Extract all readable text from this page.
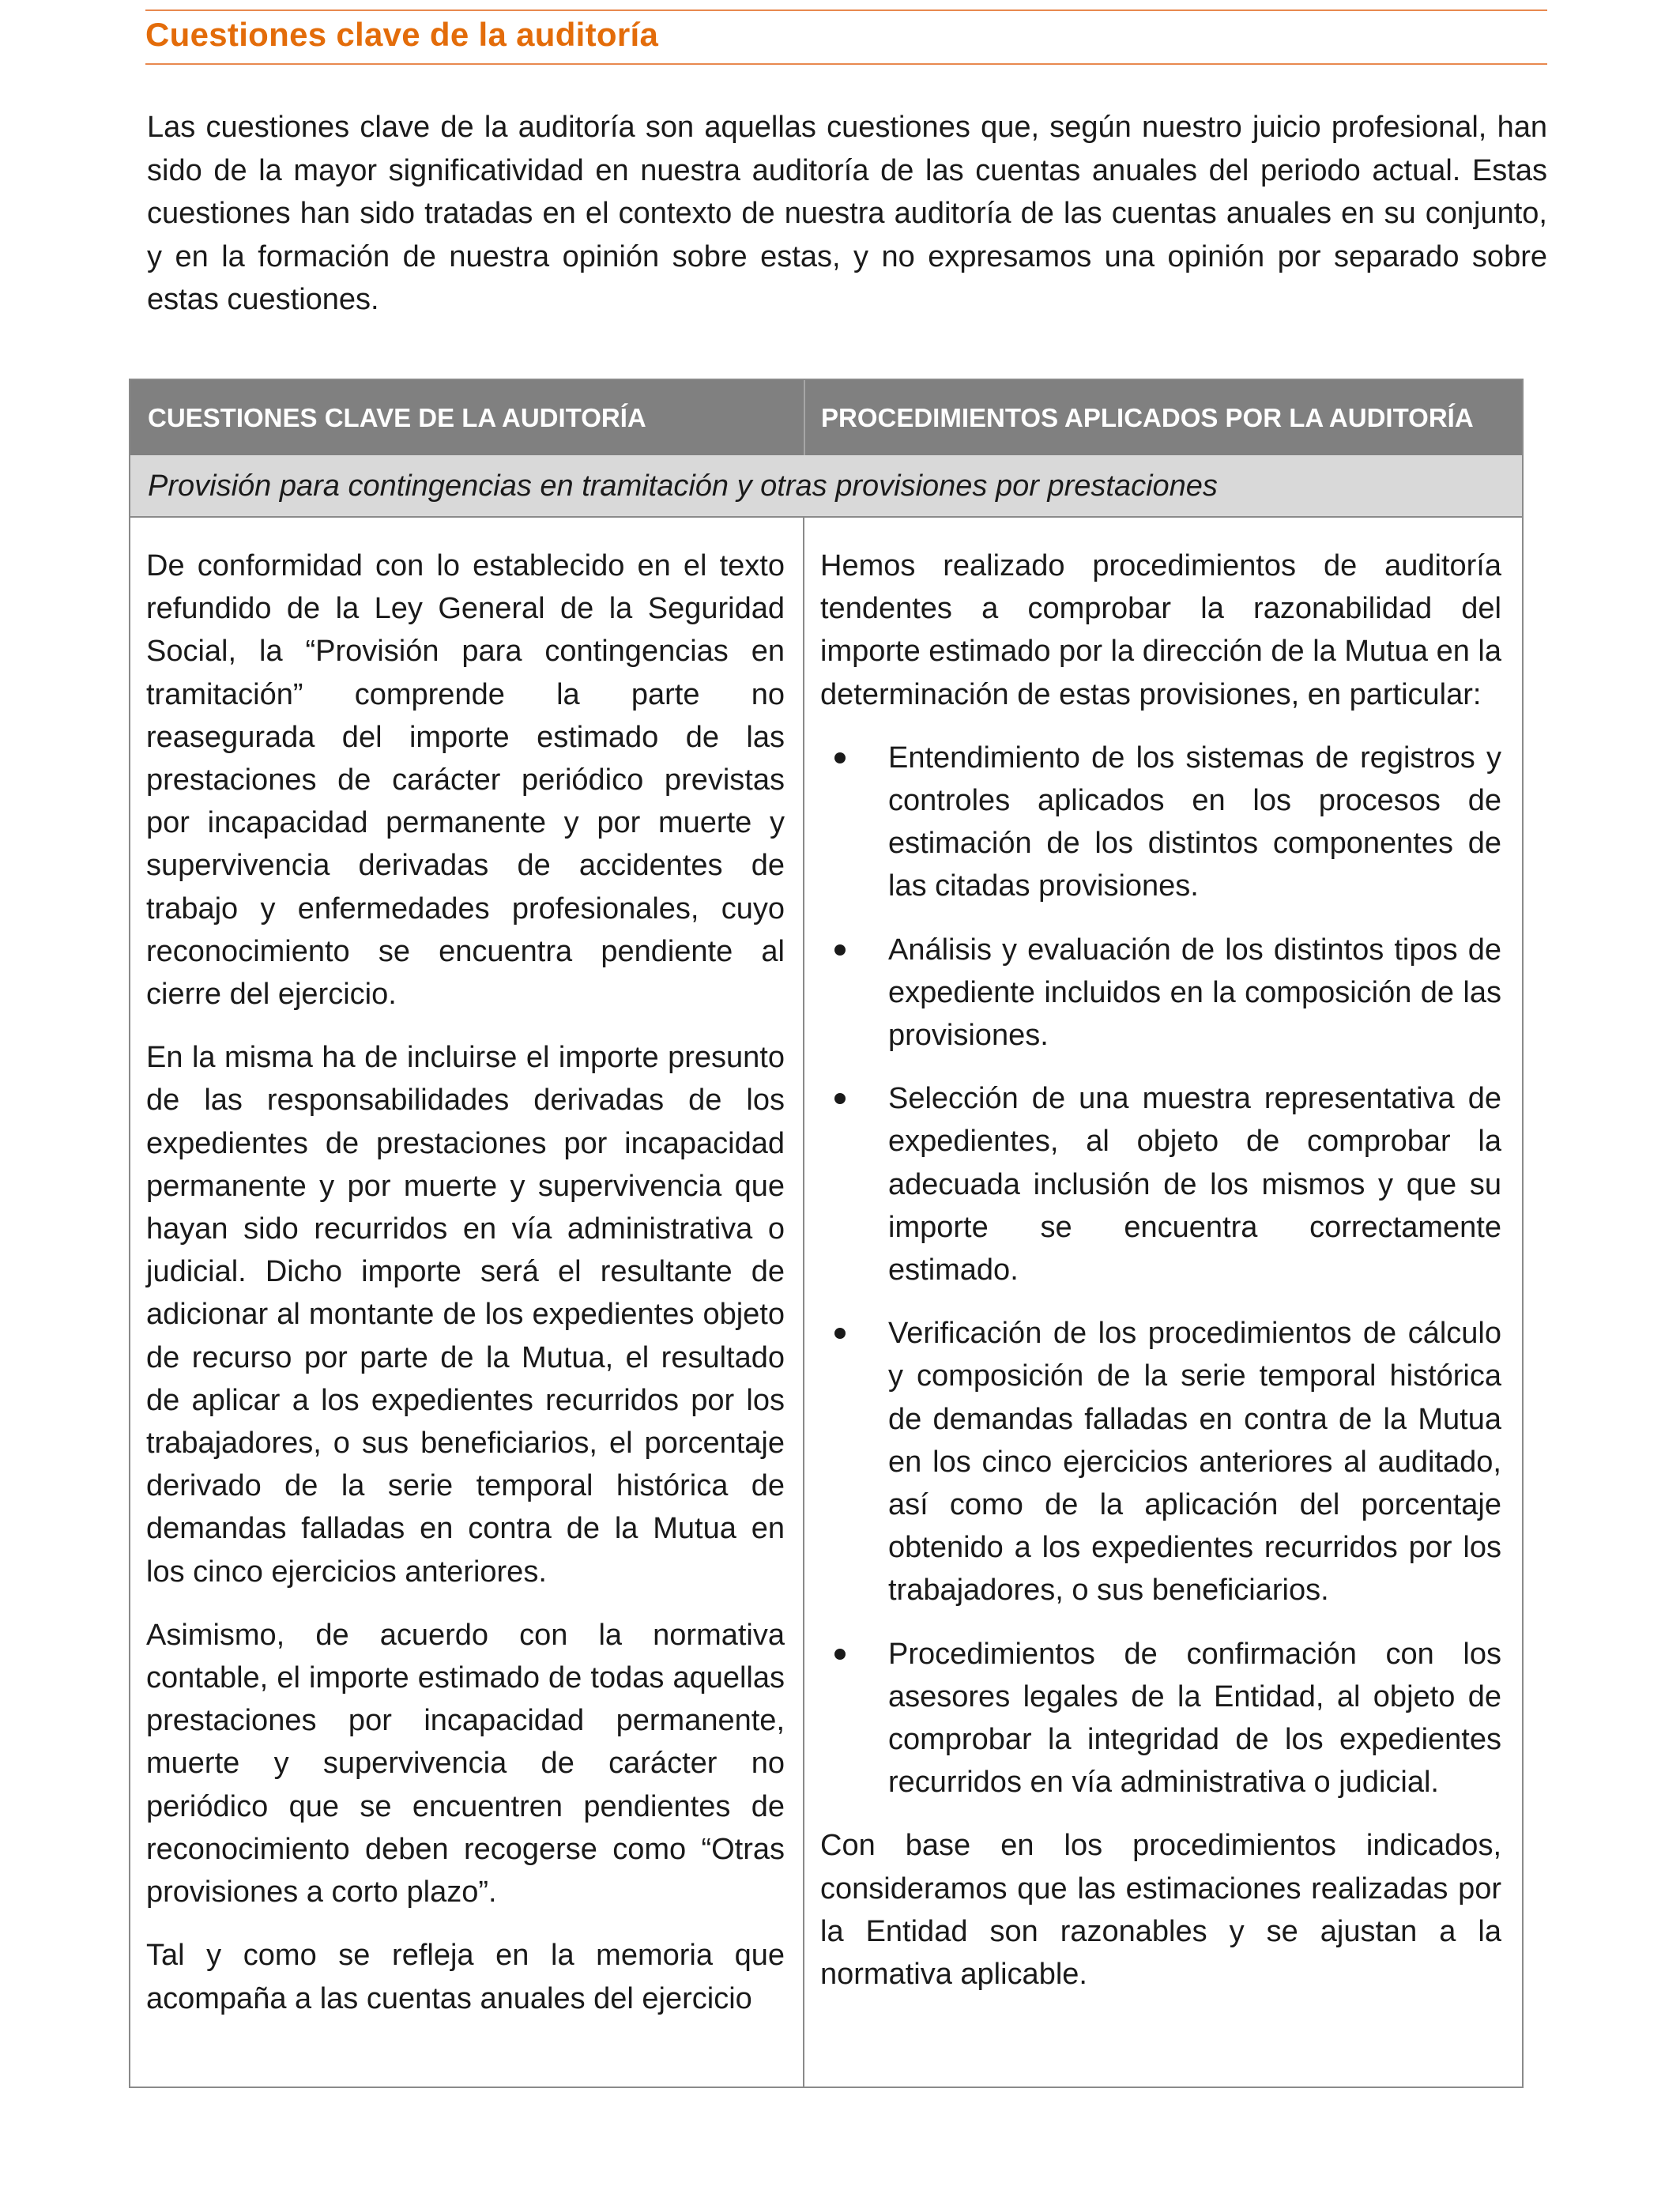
Cuestiones clave de la auditoría
Las cuestiones clave de la auditoría son aquellas cuestiones que, según nuestro juicio profesional, han sido de la mayor significatividad en nuestra auditoría de las cuentas anuales del periodo actual. Estas cuestiones han sido tratadas en el contexto de nuestra auditoría de las cuentas anuales en su conjunto, y en la formación de nuestra opinión sobre estas, y no expresamos una opinión por separado sobre estas cuestiones.
CUESTIONES CLAVE DE LA AUDITORÍA	PROCEDIMIENTOS APLICADOS POR LA AUDITORÍA
Provisión para contingencias en tramitación y otras provisiones por prestaciones

De conformidad con lo establecido en el texto refundido de la Ley General de la Seguridad Social, la “Provisión para contingencias en tramitación” comprende la parte no reasegurada del importe estimado de las prestaciones de carácter periódico previstas por incapacidad permanente y por muerte y supervivencia derivadas de accidentes de trabajo y enfermedades profesionales, cuyo reconocimiento se encuentra pendiente al cierre del ejercicio.

En la misma ha de incluirse el importe presunto de las responsabilidades derivadas de los expedientes de prestaciones por incapacidad permanente y por muerte y supervivencia que hayan sido recurridos en vía administrativa o judicial. Dicho importe será el resultante de adicionar al montante de los expedientes objeto de recurso por parte de la Mutua, el resultado de aplicar a los expedientes recurridos por los trabajadores, o sus beneficiarios, el porcentaje derivado de la serie temporal histórica de demandas falladas en contra de la Mutua en los cinco ejercicios anteriores.

Asimismo, de acuerdo con la normativa contable, el importe estimado de todas aquellas prestaciones por incapacidad permanente, muerte y supervivencia de carácter no periódico que se encuentren pendientes de reconocimiento deben recogerse como “Otras provisiones a corto plazo”.

Tal y como se refleja en la memoria que acompaña a las cuentas anuales del ejercicio

Hemos realizado procedimientos de auditoría tendentes a comprobar la razonabilidad del importe estimado por la dirección de la Mutua en la determinación de estas provisiones, en particular:

Entendimiento de los sistemas de registros y controles aplicados en los procesos de estimación de los distintos componentes de las citadas provisiones.
Análisis y evaluación de los distintos tipos de expediente incluidos en la composición de las provisiones.
Selección de una muestra representativa de expedientes, al objeto de comprobar la adecuada inclusión de los mismos y que su importe se encuentra correctamente estimado.
Verificación de los procedimientos de cálculo y composición de la serie temporal histórica de demandas falladas en contra de la Mutua en los cinco ejercicios anteriores al auditado, así como de la aplicación del porcentaje obtenido a los expedientes recurridos por los trabajadores, o sus beneficiarios.
Procedimientos de confirmación con los asesores legales de la Entidad, al objeto de comprobar la integridad de los expedientes recurridos en vía administrativa o judicial.

Con base en los procedimientos indicados, consideramos que las estimaciones realizadas por la Entidad son razonables y se ajustan a la normativa aplicable.
